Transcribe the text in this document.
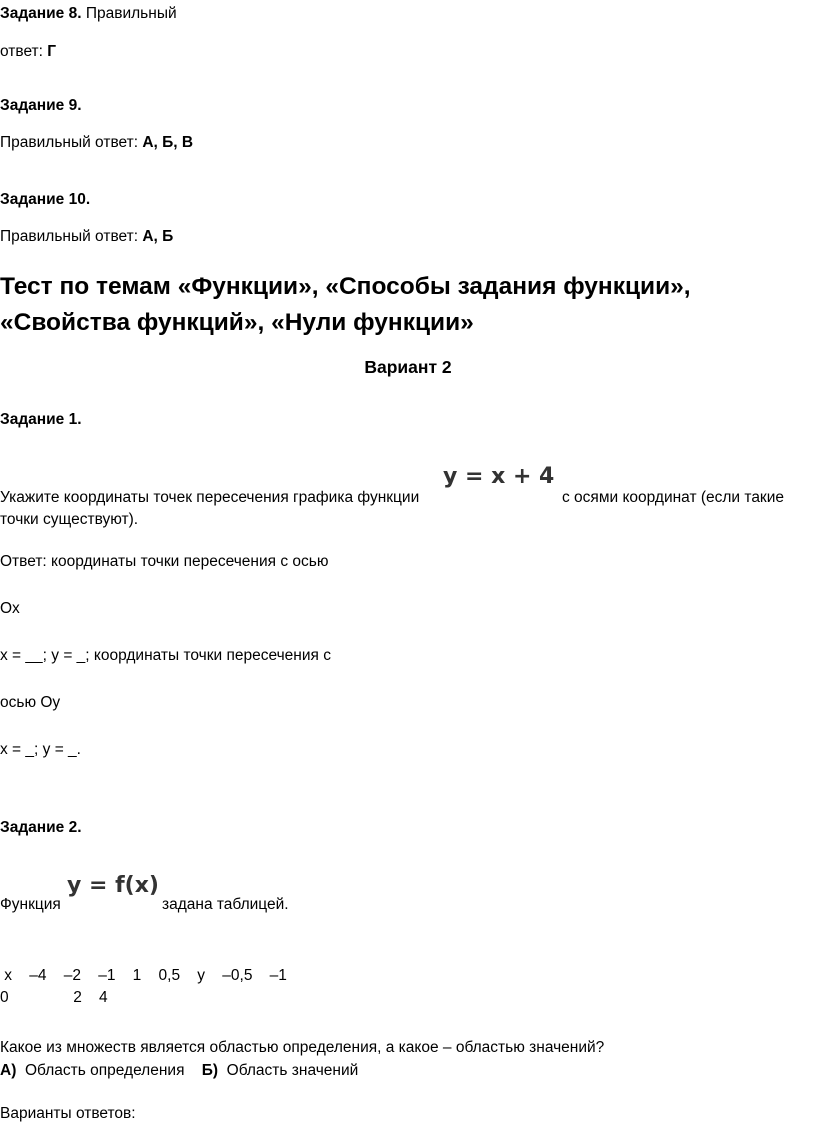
Задание 8. Правильный
ответ: Г
Задание 9.
Правильный ответ: А, Б, В
Задание 10.
Правильный ответ: А, Б
Тест по темам «Функции», «Способы задания функции»,
«Свойства функций», «Нули функции»
Вариант 2
Задание 1.
Укажите координаты точек пересечения графика функции
y = x + 4
с осями координат (если такие
точки существуют).
Ответ: координаты точки пересечения с осью
Ox
x = __; y = _; координаты точки пересечения с
осью Oy
x = _; y = _.
Задание 2.
Функция
y = f(x)
задана таблицей.
x    –4    –2    –1    1    0,5    y    –0,5    –1
0               2    4
Какое из множеств является областью определения, а какое – областью значений?
А) Область определения Б) Область значений
Варианты ответов:
